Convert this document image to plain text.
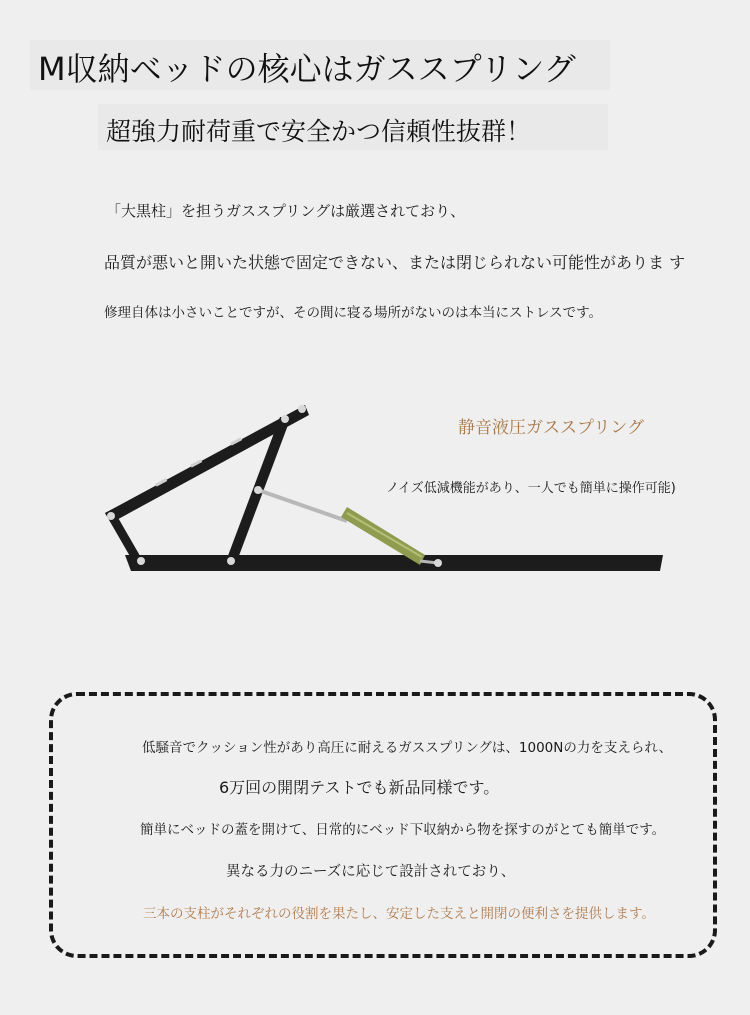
M収納ベッドの核心はガススプリング
超強力耐荷重で安全かつ信頼性抜群！
「大黒柱」を担うガススプリングは厳選されており、
品質が悪いと開いた状態で固定できない、または閉じられない可能性がありま す
修理自体は小さいことですが、その間に寝る場所がないのは本当にストレスです。
静音液圧ガススプリング
ノイズ低減機能があり、一人でも簡単に操作可能)
低騒音でクッション性があり高圧に耐えるガススプリングは、1000Nの力を支えられ、
6万回の開閉テストでも新品同様です。
簡単にベッドの蓋を開けて、日常的にベッド下収納から物を探すのがとても簡単です。
異なる力のニーズに応じて設計されており、
三本の支柱がそれぞれの役割を果たし、安定した支えと開閉の便利さを提供します。
